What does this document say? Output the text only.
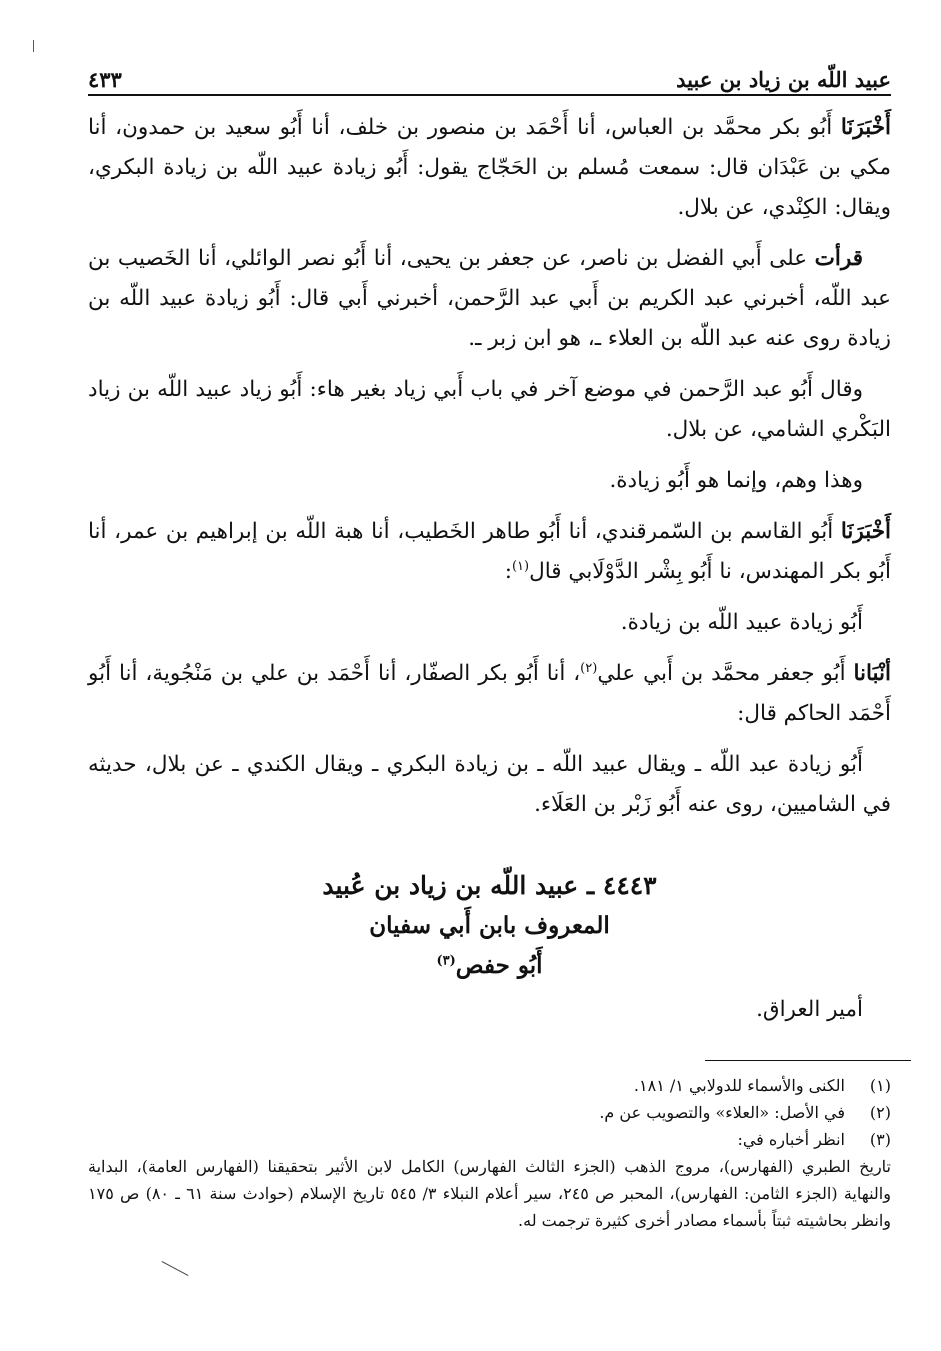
عبيد اللّه بن زياد بن عبيد
٤٣٣

أَخْبَرَنَا أَبُو بكر محمَّد بن العباس، أنا أَحْمَد بن منصور بن خلف، أنا أَبُو سعيد بن حمدون، أنا مكي بن عَبْدَان قال: سمعت مُسلم بن الحَجّاج يقول: أَبُو زيادة عبيد اللّه بن زيادة البكري، ويقال: الكِنْدي، عن بلال.

قرأت على أَبي الفضل بن ناصر، عن جعفر بن يحيى، أنا أَبُو نصر الوائلي، أنا الخَصيب بن عبد اللّه، أخبرني عبد الكريم بن أَبي عبد الرَّحمن، أخبرني أَبي قال: أَبُو زيادة عبيد اللّه بن زيادة روى عنه عبد اللّه بن العلاء ـ، هو ابن زبر ـ.

وقال أَبُو عبد الرَّحمن في موضع آخر في باب أَبي زياد بغير هاء: أَبُو زياد عبيد اللّه بن زياد البَكْري الشامي، عن بلال.

وهذا وهم، وإنما هو أَبُو زيادة.

أَخْبَرَنَا أَبُو القاسم بن السّمرقندي، أنا أَبُو طاهر الخَطيب، أنا هبة اللّه بن إبراهيم بن عمر، أنا أَبُو بكر المهندس، نا أَبُو بِشْر الدَّوْلَابي قال$^{(١)}$:

أَبُو زيادة عبيد اللّه بن زيادة.

أنْبَانا أَبُو جعفر محمَّد بن أَبي علي$^{(٢)}$، أنا أَبُو بكر الصفّار، أنا أَحْمَد بن علي بن مَنْجُوية، أنا أَبُو أَحْمَد الحاكم قال:

أَبُو زيادة عبد اللّه ـ ويقال عبيد اللّه ـ بن زيادة البكري ـ ويقال الكندي ـ عن بلال، حديثه في الشاميين، روى عنه أَبُو زَبْر بن العَلَاء.

٤٤٤٣ ـ عبيد اللّه بن زياد بن عُبيد
المعروف بابن أَبي سفيان
أَبُو حفص$^{(٣)}$

أمير العراق.

(١)
الكنى والأسماء للدولابي ١/ ١٨١.
(٢)
في الأصل: «العلاء» والتصويب عن م.
(٣)
انظر أخباره في:

تاريخ الطبري (الفهارس)، مروج الذهب (الجزء الثالث الفهارس) الكامل لابن الأثير بتحقيقنا (الفهارس العامة)، البداية والنهاية (الجزء الثامن: الفهارس)، المحبر ص ٢٤٥، سير أعلام النبلاء ٣/ ٥٤٥ تاريخ الإسلام (حوادث سنة ٦١ ـ ٨٠) ص ١٧٥ وانظر بحاشيته ثبتاً بأسماء مصادر أخرى كثيرة ترجمت له.
